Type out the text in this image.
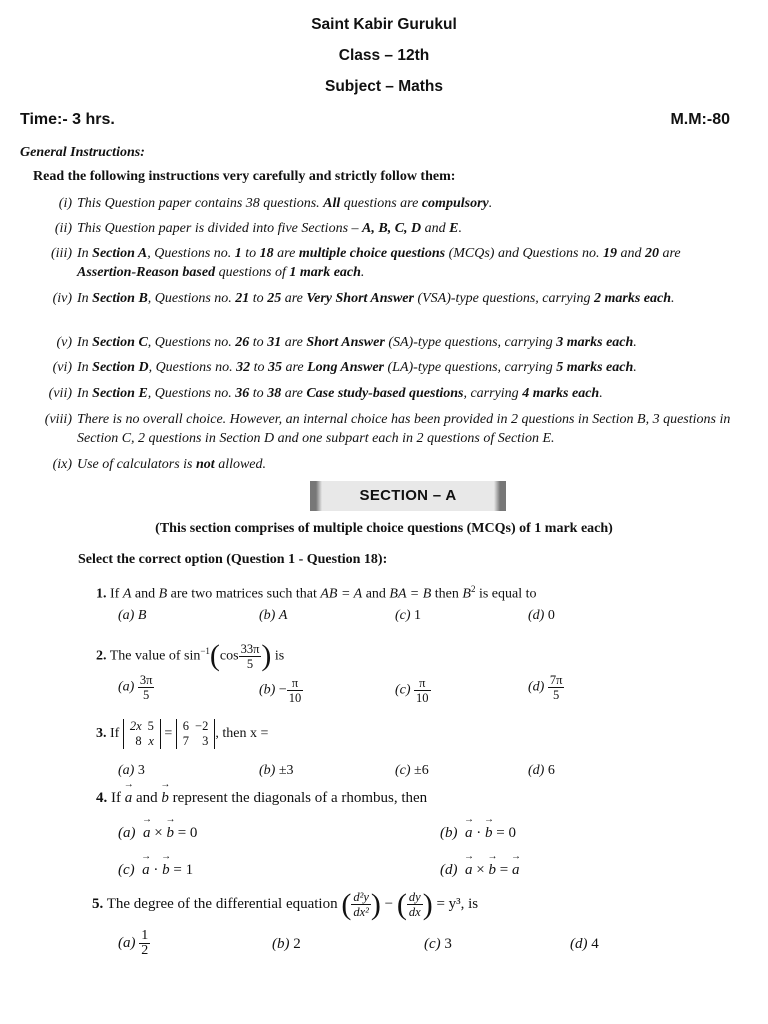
Saint Kabir Gurukul
Class – 12th
Subject – Maths
Time:- 3 hrs.	M.M:-80
General Instructions:
Read the following instructions very carefully and strictly follow them:
(i) This Question paper contains 38 questions. All questions are compulsory.
(ii) This Question paper is divided into five Sections – A, B, C, D and E.
(iii) In Section A, Questions no. 1 to 18 are multiple choice questions (MCQs) and Questions no. 19 and 20 are Assertion-Reason based questions of 1 mark each.
(iv) In Section B, Questions no. 21 to 25 are Very Short Answer (VSA)-type questions, carrying 2 marks each.
(v) In Section C, Questions no. 26 to 31 are Short Answer (SA)-type questions, carrying 3 marks each.
(vi) In Section D, Questions no. 32 to 35 are Long Answer (LA)-type questions, carrying 5 marks each.
(vii) In Section E, Questions no. 36 to 38 are Case study-based questions, carrying 4 marks each.
(viii) There is no overall choice. However, an internal choice has been provided in 2 questions in Section B, 3 questions in Section C, 2 questions in Section D and one subpart each in 2 questions of Section E.
(ix) Use of calculators is not allowed.
SECTION – A
(This section comprises of multiple choice questions (MCQs) of 1 mark each)
Select the correct option (Question 1 - Question 18):
1. If A and B are two matrices such that AB = A and BA = B then $B^2$ is equal to
(a) B	(b) A	(c) 1	(d) 0
2. The value of $\sin^{-1}(\cos \frac{33\pi}{5}$ ) is
$(a) \frac{3\pi}{5}$	$(b) - \frac{\pi}{10}$	$(c) \frac{\pi}{10}$	$(d) \frac{7\pi}{5}$
3. If
2x	5
8	x =
6	−2
7	3 , then x =
(a) 3	(b) ±3	(c) ±6	(d) 6
4. If → a and → b represent the diagonals of a rhombus, then
(a) → a × → b = 0	(b) → a · → b = 0
(c) → a · → b = 1	(d) → a × → b = → a
5. The degree of the differential equation ( $\frac{\text{d²y}}{\text{dx²}}$ ) − ( $\frac{dy}{dx}$ ) = y³, is
$(a) \frac{1}{2}$	(b) 2	(c) 3	(d) 4
